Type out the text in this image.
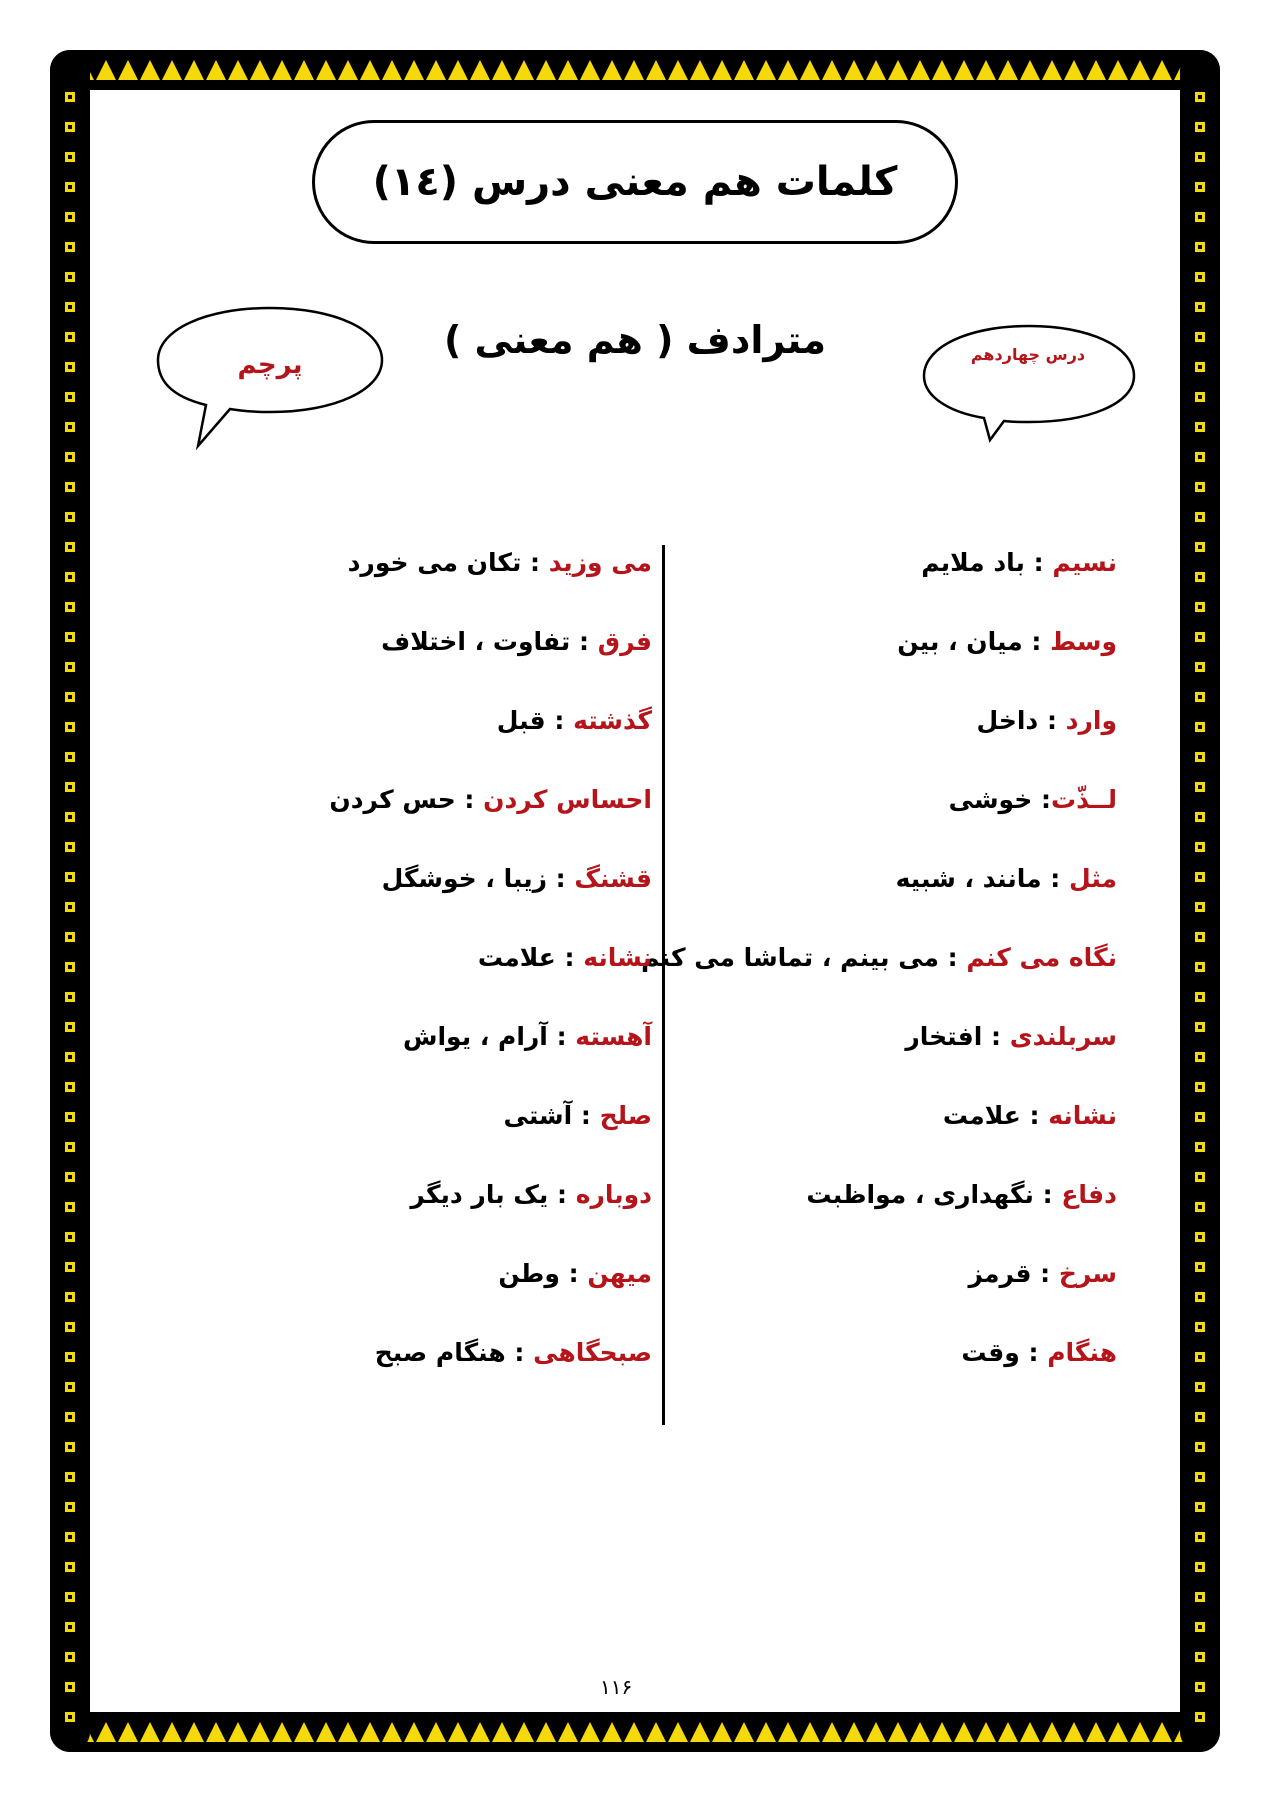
کلمات هم معنی درس (۱٤)
مترادف ( هم معنی )
پرچم	درس چهاردهم
نسیم : باد ملایم
وسط : میان ، بین
وارد : داخل
لــذّت: خوشی
مثل : مانند ، شبیه
نگاه می کنم : می بینم ، تماشا می کنم
سربلندی : افتخار
نشانه : علامت
دفاع : نگهداری ، مواظبت
سرخ : قرمز
هنگام : وقت
می وزید : تکان می خورد
فرق : تفاوت ، اختلاف
گذشته : قبل
احساس کردن : حس کردن
قشنگ : زیبا ، خوشگل
نشانه : علامت
آهسته : آرام ، یواش
صلح : آشتی
دوباره : یک بار دیگر
میهن : وطن
صبحگاهی : هنگام صبح
۱۱۶
